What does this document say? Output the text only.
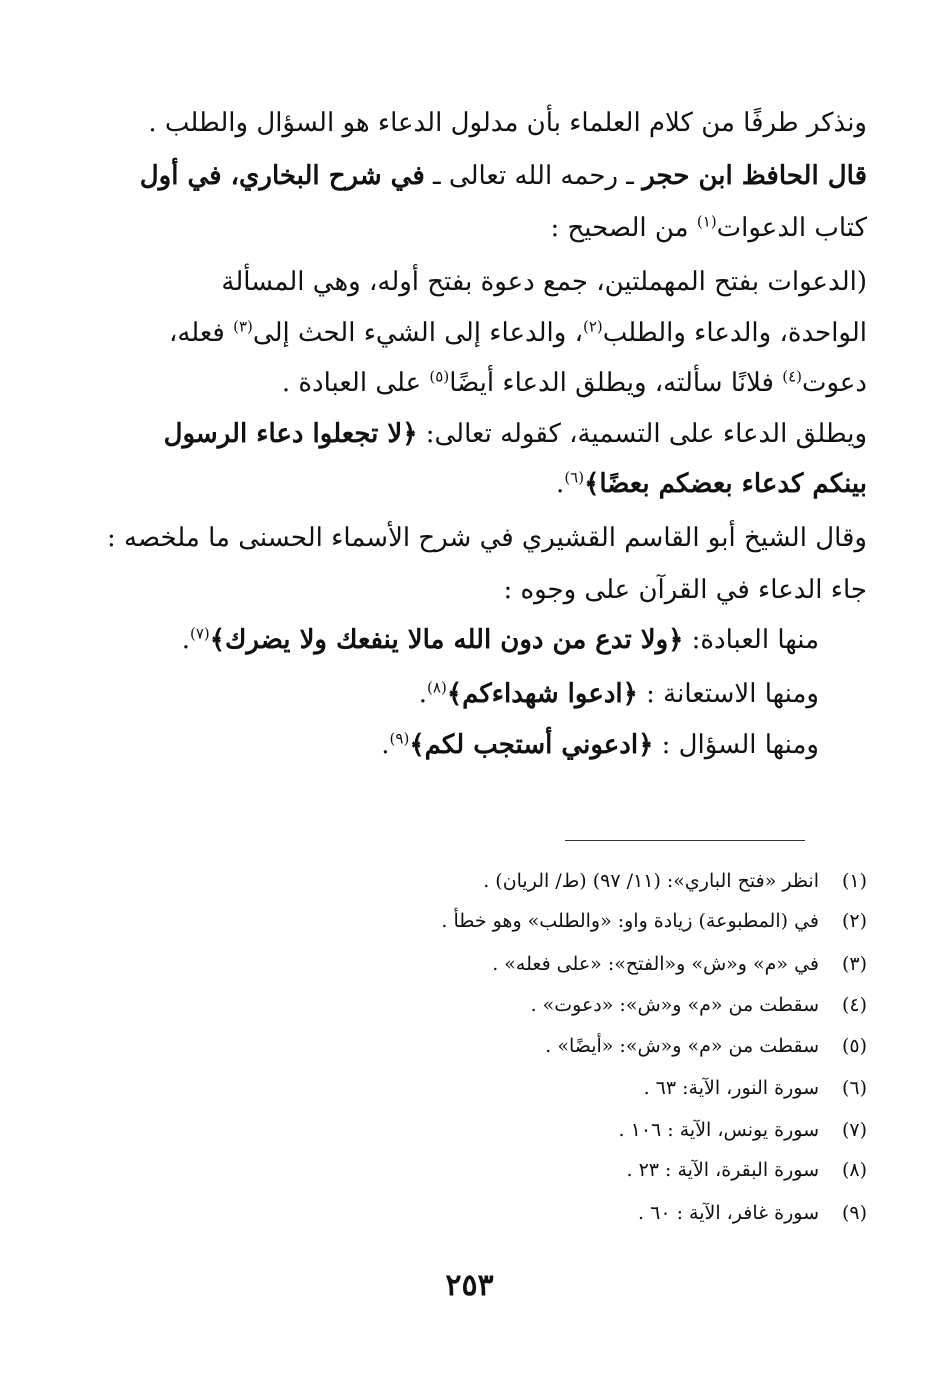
ونذكر طرفًا من كلام العلماء بأن مدلول الدعاء هو السؤال والطلب .
قال الحافظ ابن حجر ـ رحمه الله تعالى ـ في شرح البخاري، في أول
كتاب الدعوات$^{(١)}$ من الصحيح :
(الدعوات بفتح المهملتين، جمع دعوة بفتح أوله، وهي المسألة
الواحدة، والدعاء والطلب$^{(٢)}$، والدعاء إلى الشيء الحث إلى$^{(٣)}$ فعله،
دعوت$^{(٤)}$ فلانًا سألته، ويطلق الدعاء أيضًا$^{(٥)}$ على العبادة .
ويطلق الدعاء على التسمية، كقوله تعالى: ﴿لا تجعلوا دعاء الرسول
بينكم كدعاء بعضكم بعضًا﴾$^{(٦)}$.
وقال الشيخ أبو القاسم القشيري في شرح الأسماء الحسنى ما ملخصه :
جاء الدعاء في القرآن على وجوه :
منها العبادة: ﴿ولا تدع من دون الله مالا ينفعك ولا يضرك﴾$^{(٧)}$.
ومنها الاستعانة : ﴿ادعوا شهداءكم﴾$^{(٨)}$.
ومنها السؤال : ﴿ادعوني أستجب لكم﴾$^{(٩)}$.
(١)
انظر «فتح الباري»: (١١/ ٩٧) (ط/ الريان) .
(٢)
في (المطبوعة) زيادة واو: «والطلب» وهو خطأ .
(٣)
في «م» و«ش» و«الفتح»: «على فعله» .
(٤)
سقطت من «م» و«ش»: «دعوت» .
(٥)
سقطت من «م» و«ش»: «أيضًا» .
(٦)
سورة النور، الآية: ٦٣ .
(٧)
سورة يونس، الآية : ١٠٦ .
(٨)
سورة البقرة، الآية : ٢٣ .
(٩)
سورة غافر، الآية : ٦٠ .
٢٥٣
